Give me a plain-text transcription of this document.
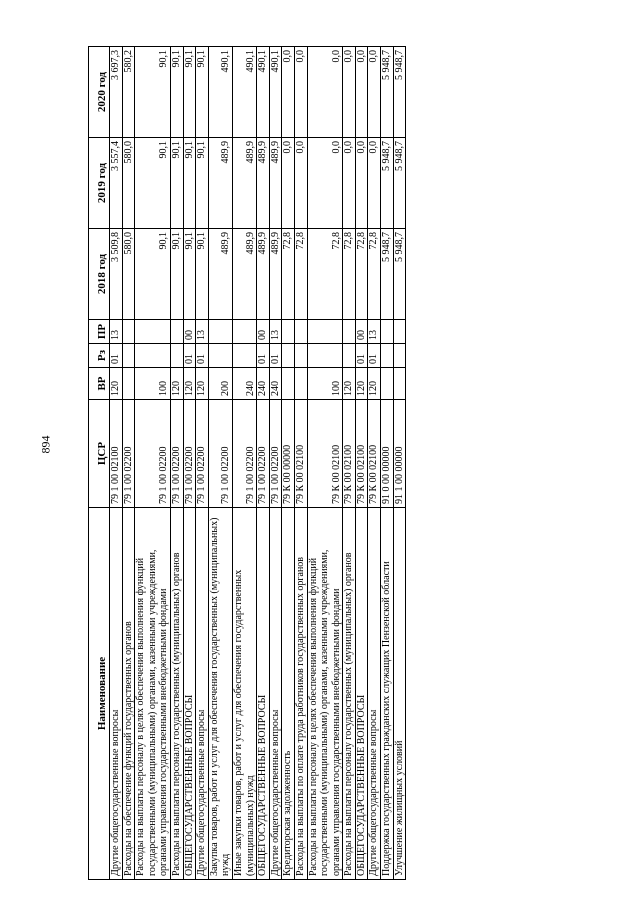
894
Наименование	ЦСР	ВР	Рз	ПР	2018 год	2019 год	2020 год
Другие общегосударственные вопросы	79 1 00 02100	120	01	13	3 509,8	3 557,4	3 697,3
Расходы на обеспечение функций государственных органов	79 1 00 02200				580,0	580,0	580,2
Расходы на выплаты персоналу в целях обеспечения выполнения функций государственными (муниципальными) органами, казенными учреждениями, органами управления государственными внебюджетными фондами	79 1 00 02200	100			90,1	90,1	90,1
Расходы на выплаты персоналу государственных (муниципальных) органов	79 1 00 02200	120			90,1	90,1	90,1
ОБЩЕГОСУДАРСТВЕННЫЕ ВОПРОСЫ	79 1 00 02200	120	01	00	90,1	90,1	90,1
Другие общегосударственные вопросы	79 1 00 02200	120	01	13	90,1	90,1	90,1
Закупка товаров, работ и услуг для обеспечения государственных (муниципальных) нужд	79 1 00 02200	200			489,9	489,9	490,1
Иные закупки товаров, работ и услуг для обеспечения государственных (муниципальных) нужд	79 1 00 02200	240			489,9	489,9	490,1
ОБЩЕГОСУДАРСТВЕННЫЕ ВОПРОСЫ	79 1 00 02200	240	01	00	489,9	489,9	490,1
Другие общегосударственные вопросы	79 1 00 02200	240	01	13	489,9	489,9	490,1
Кредиторская задолженность	79 К 00 00000				72,8	0,0	0,0
Расходы на выплаты по оплате труда работников государственных органов	79 К 00 02100				72,8	0,0	0,0
Расходы на выплаты персоналу в целях обеспечения выполнения функций государственными (муниципальными) органами, казенными учреждениями, органами управления государственными внебюджетными фондами	79 К 00 02100	100			72,8	0,0	0,0
Расходы на выплаты персоналу государственных (муниципальных) органов	79 К 00 02100	120			72,8	0,0	0,0
ОБЩЕГОСУДАРСТВЕННЫЕ ВОПРОСЫ	79 К 00 02100	120	01	00	72,8	0,0	0,0
Другие общегосударственные вопросы	79 К 00 02100	120	01	13	72,8	0,0	0,0
Поддержка государственных гражданских служащих Пензенской области	91 0 00 00000				5 948,7	5 948,7	5 948,7
Улучшение жилищных условий	91 1 00 00000				5 948,7	5 948,7	5 948,7
